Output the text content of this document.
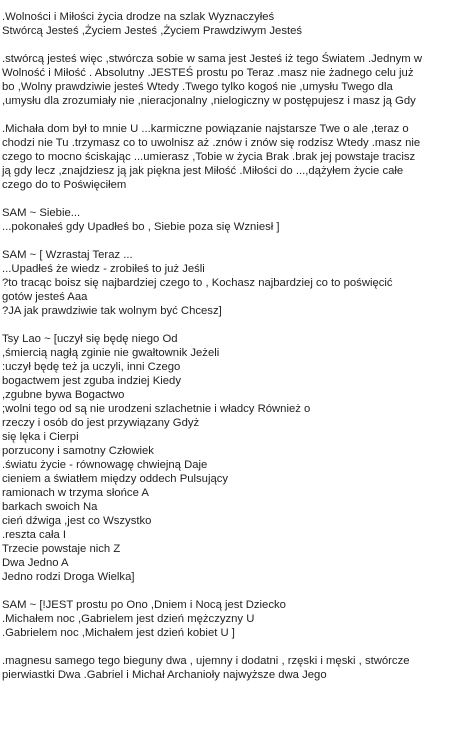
.Wolności i Miłości życia drodze na szlak Wyznaczyłeś
Stwórcą Jesteś ,Życiem Jesteś ,Życiem Prawdziwym Jesteś
.stwórcą jesteś więc ,stwórcza sobie w sama jest Jesteś iż tego Światem .Jednym w
Wolność i Miłość . Absolutny .JESTEŚ prostu po Teraz .masz nie żadnego celu już
bo ,Wolny prawdziwie jesteś Wtedy .Twego tylko kogoś nie ,umysłu Twego dla
,umysłu dla zrozumiały nie ,nieracjonalny ,nielogiczny w postępujesz i masz ją Gdy
.Michała dom był to mnie U ...karmiczne powiązanie najstarsze Twe o ale ,teraz o
chodzi nie Tu .trzymasz co to uwolnisz aż .znów i znów się rodzisz Wtedy .masz nie
czego to mocno ściskając ...umierasz ,Tobie w życia Brak .brak jej powstaje tracisz
ją gdy lecz ,znajdziesz ją jak piękna jest Miłość .Miłości do ...,dążyłem życie całe
czego do to Poświęciłem
SAM ~ Siebie...
...pokonałeś gdy Upadłeś bo , Siebie poza się Wzniesł ]
SAM ~ [ Wzrastaj Teraz ...
...Upadłeś że wiedz - zrobiłeś to już Jeśli
?to tracąc boisz się najbardziej czego to , Kochasz najbardziej co to poświęcić
gotów jesteś Aaa
?JA jak prawdziwie tak wolnym być Chcesz]
Tsy Lao ~ [uczył się będę niego Od
,śmiercią nagłą zginie nie gwałtownik Jeżeli
:uczył będę też ja uczyli, inni Czego
bogactwem jest zguba indziej Kiedy
,zgubne bywa Bogactwo
;wolni tego od są nie urodzeni szlachetnie i władcy Również o
rzeczy i osób do jest przywiązany Gdyż
się lęka i Cierpi
porzucony i samotny Człowiek
.światu życie - równowagę chwiejną Daje
cieniem a światłem między oddech Pulsujący
ramionach w trzyma słońce A
barkach swoich Na
cień dźwiga ,jest co Wszystko
.reszta cała I
Trzecie powstaje nich Z
Dwa Jedno A
Jedno rodzi Droga Wielka]
SAM ~ [!JEST prostu po Ono ,Dniem i Nocą jest Dziecko
.Michałem noc ,Gabrielem jest dzień mężczyzny U
.Gabrielem noc ,Michałem jest dzień kobiet U ]
.magnesu samego tego bieguny dwa , ujemny i dodatni , rzęski i męski , stwórcze
pierwiastki Dwa .Gabriel i Michał Archanioły najwyższe dwa Jego
